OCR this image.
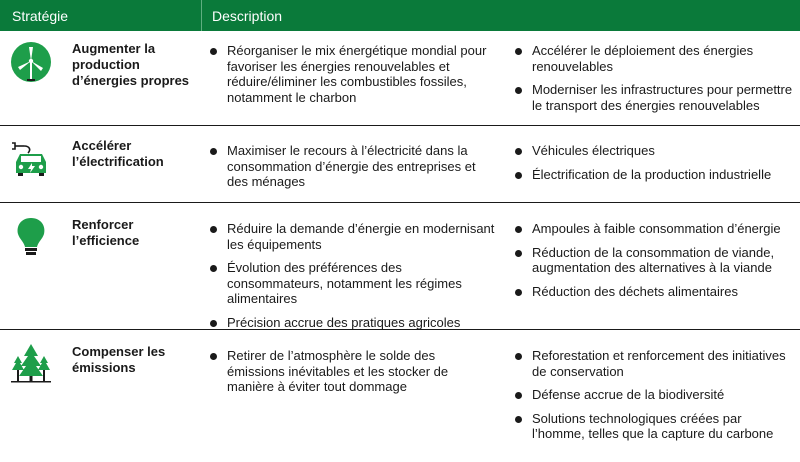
Stratégie	Description
Augmenter la production d’énergies propres
Réorganiser le mix énergétique mondial pour favoriser les énergies renouvelables et réduire/éliminer les combustibles fossiles, notamment le charbon
Accélérer le déploiement des énergies renouvelables
Moderniser les infrastructures pour permettre le transport des énergies renouvelables
Accélérer l’électrification
Maximiser le recours à l’électricité dans la consommation d’énergie des entreprises et des ménages
Véhicules électriques
Électrification de la production industrielle
Renforcer l’efficience
Réduire la demande d’énergie en modernisant les équipements
Évolution des préférences des consommateurs, notamment les régimes alimentaires
Précision accrue des pratiques agricoles
Ampoules à faible consommation d’énergie
Réduction de la consommation de viande, augmentation des alternatives à la viande
Réduction des déchets alimentaires
Compenser les émissions
Retirer de l’atmosphère le solde des émissions inévitables et les stocker de manière à éviter tout dommage
Reforestation et renforcement des initiatives de conservation
Défense accrue de la biodiversité
Solutions technologiques créées par l’homme, telles que la capture du carbone
